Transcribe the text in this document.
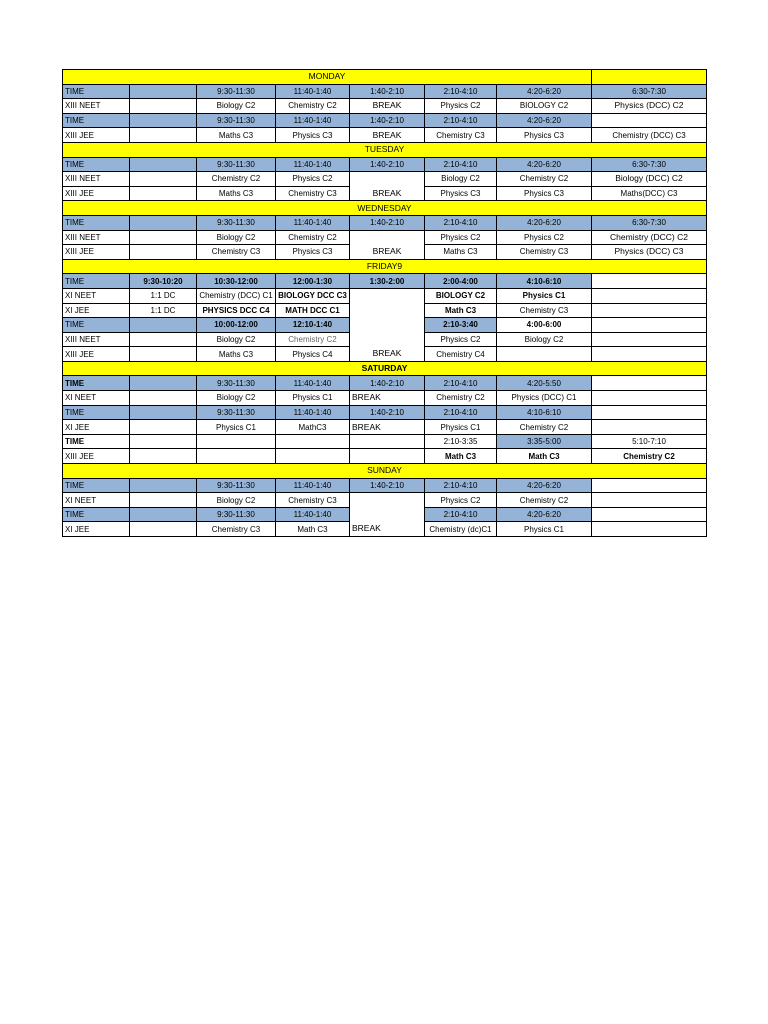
MONDAY							
TIME		9:30-11:30	11:40-1:40	1:40-2:10	2:10-4:10	4:20-6:20	6:30-7:30
XIII NEET		Biology C2	Chemistry C2	BREAK	Physics C2	BIOLOGY C2	Physics (DCC) C2
TIME		9:30-11:30	11:40-1:40	1:40-2:10	2:10-4:10	4:20-6:20	
XIII JEE		Maths C3	Physics C3	BREAK	Chemistry C3	Physics C3	Chemistry (DCC) C3
TUESDAY							
TIME		9:30-11:30	11:40-1:40	1:40-2:10	2:10-4:10	4:20-6:20	6:30-7:30
XIII NEET		Chemistry C2	Physics C2		Biology C2	Chemistry C2	Biology (DCC) C2
XIII JEE		Maths C3	Chemistry C3	BREAK	Physics C3	Physics C3	Maths(DCC) C3
WEDNESDAY							
TIME		9:30-11:30	11:40-1:40	1:40-2:10	2:10-4:10	4:20-6:20	6:30-7:30
XIII NEET		Biology C2	Chemistry C2		Physics C2	Physics C2	Chemistry (DCC) C2
XIII JEE		Chemistry C3	Physics C3	BREAK	Maths C3	Chemistry C3	Physics (DCC) C3
FRIDAY9							
TIME	9:30-10:20	10:30-12:00	12:00-1:30	1:30-2:00	2:00-4:00	4:10-6:10	
XI NEET	1:1 DC	Chemistry (DCC) C1	BIOLOGY DCC C3		BIOLOGY C2	Physics C1	
XI JEE	1:1 DC	PHYSICS DCC C4	MATH DCC C1		Math C3	Chemistry C3	
TIME		10:00-12:00	12:10-1:40		2:10-3:40	4:00-6:00	
XIII NEET		Biology C2	Chemistry C2		Physics C2	Biology C2	
XIII JEE		Maths C3	Physics C4	BREAK	Chemistry C4		
SATURDAY							
TIME		9:30-11:30	11:40-1:40	1:40-2:10	2:10-4:10	4:20-5:50	
XI NEET		Biology C2	Physics C1	BREAK	Chemistry C2	Physics (DCC) C1	
TIME		9:30-11:30	11:40-1:40	1:40-2:10	2:10-4:10	4:10-6:10	
XI JEE		Physics C1	MathC3	BREAK	Physics C1	Chemistry C2	
TIME					2:10-3:35	3:35-5:00	5:10-7:10
XIII JEE					Math C3	Math C3	Chemistry C2
SUNDAY							
TIME		9:30-11:30	11:40-1:40	1:40-2:10	2:10-4:10	4:20-6:20	
XI NEET		Biology C2	Chemistry C3		Physics C2	Chemistry C2	
TIME		9:30-11:30	11:40-1:40		2:10-4:10	4:20-6:20	
XI JEE		Chemistry C3	Math C3	BREAK	Chemistry (dc)C1	Physics C1	
